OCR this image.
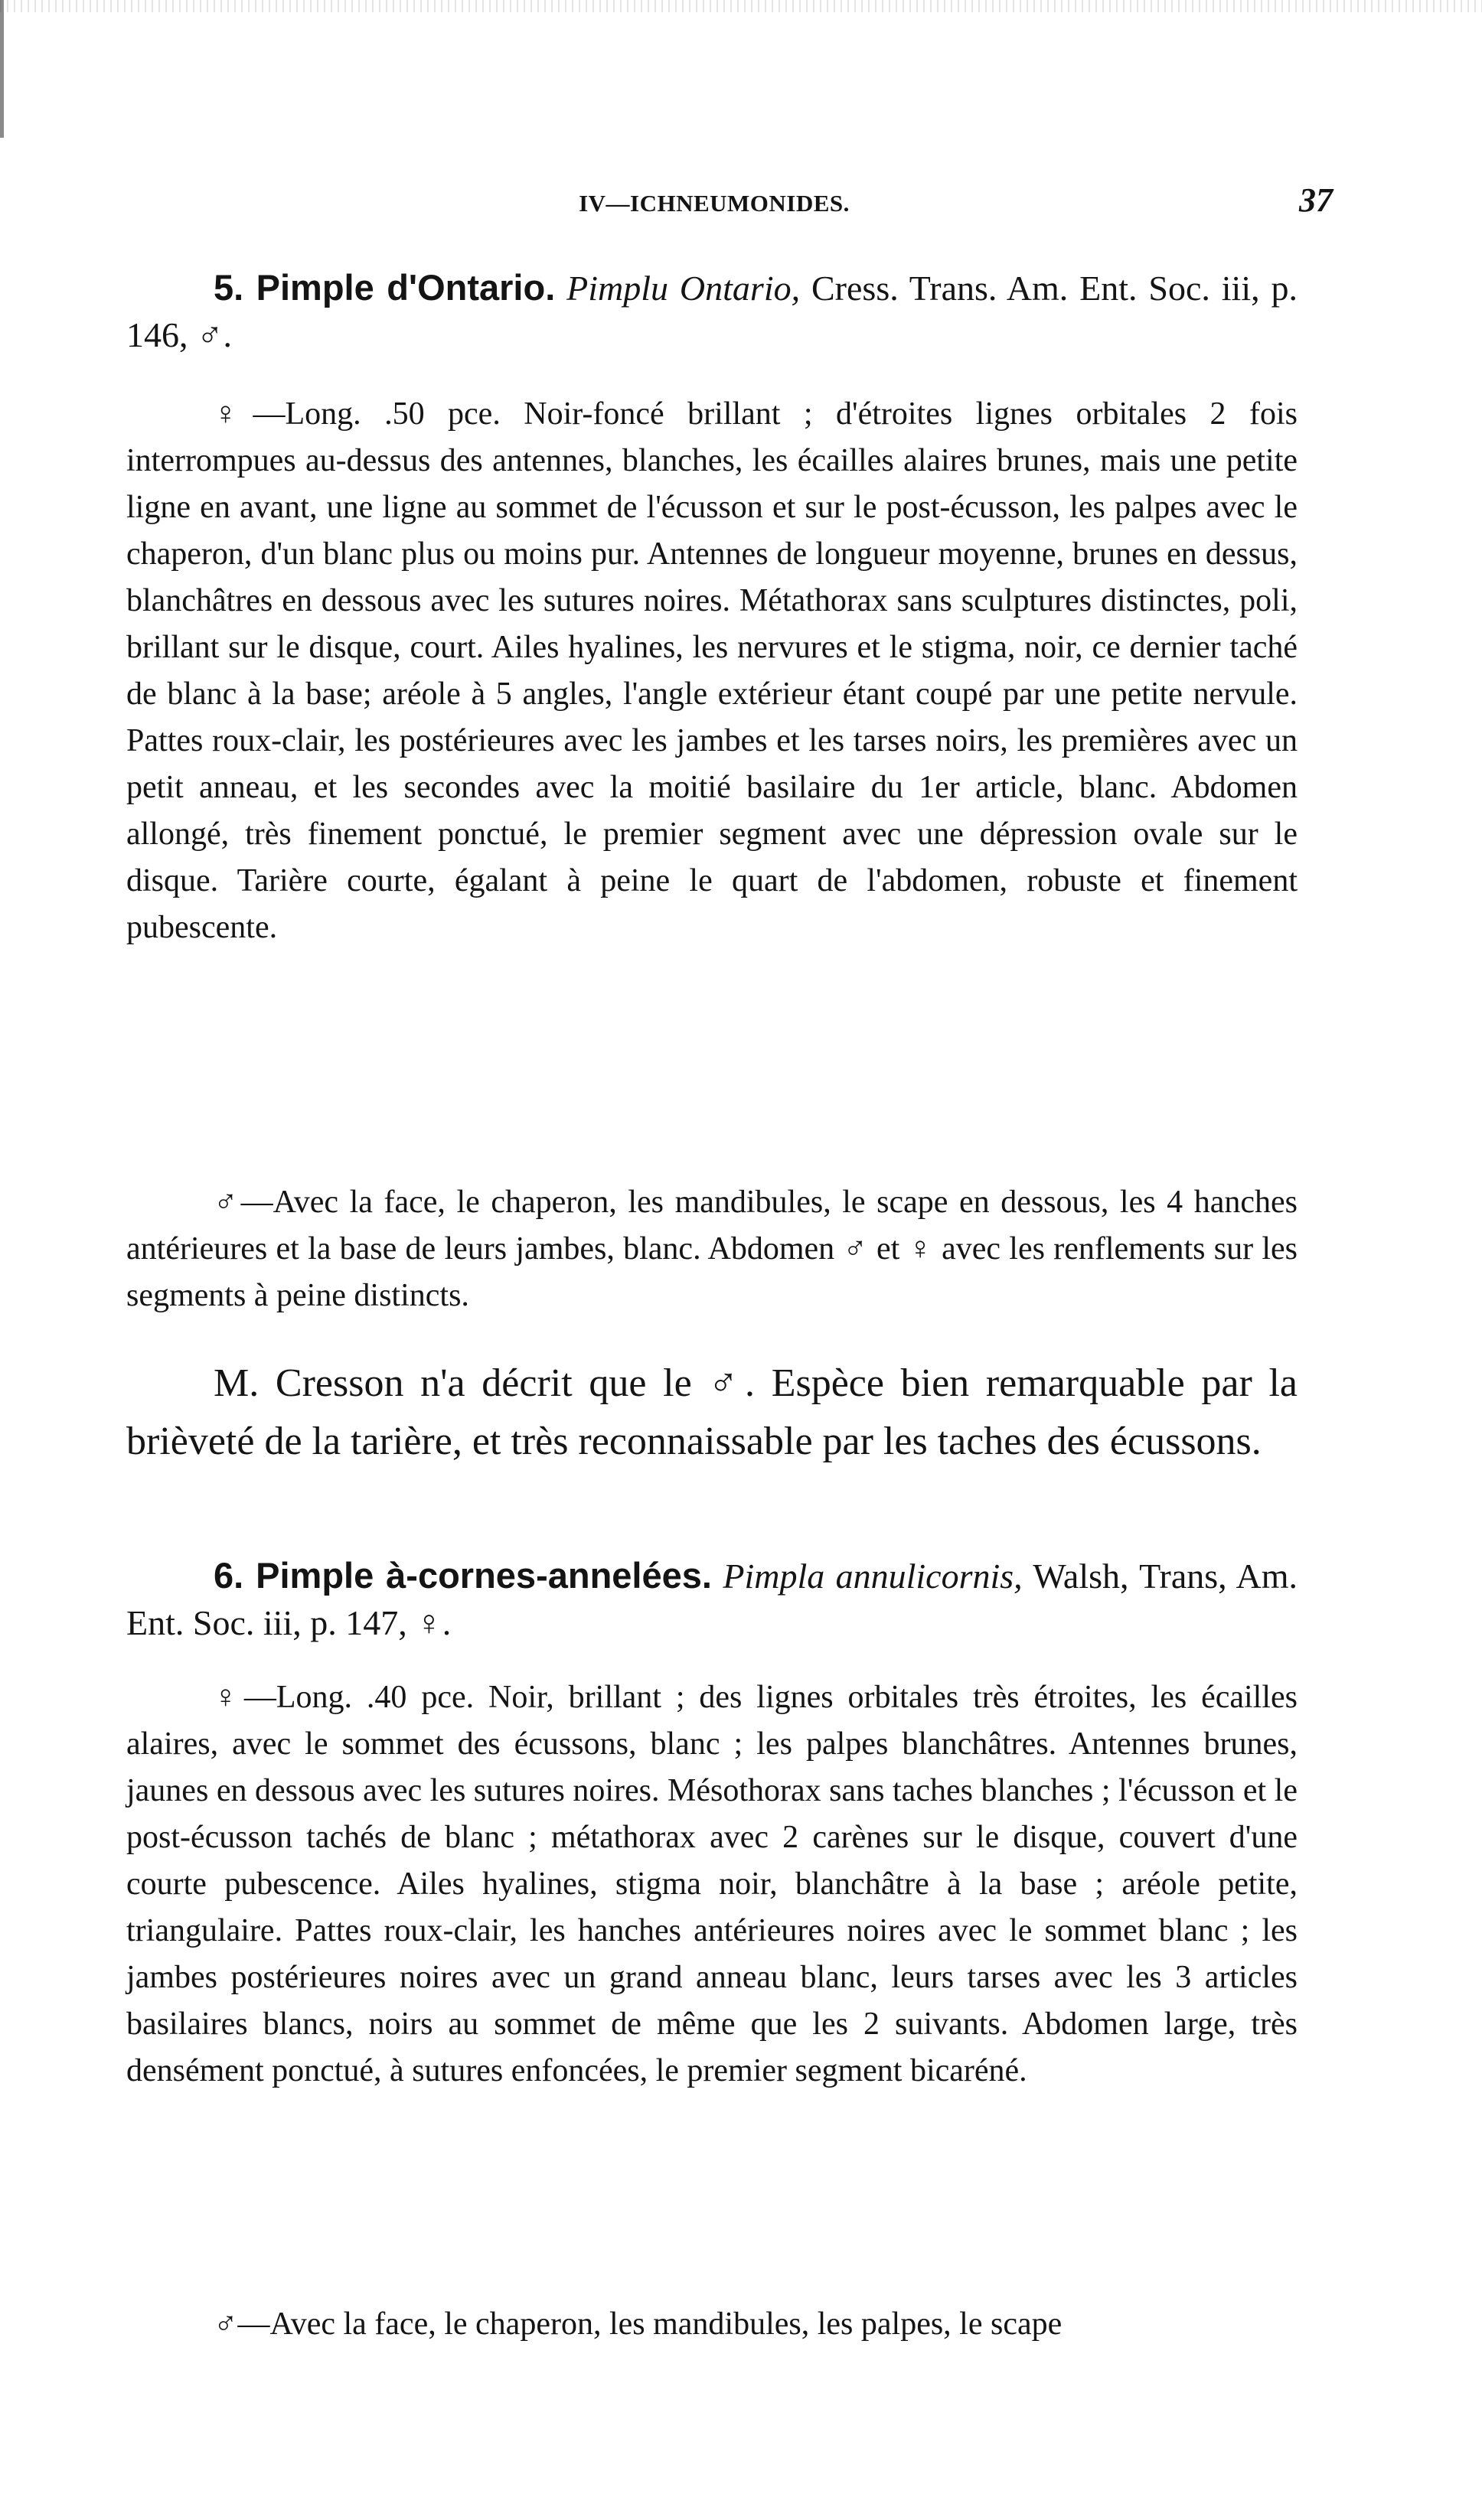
IV—ICHNEUMONIDES.	37

5. Pimple d'Ontario. Pimplu Ontario, Cress. Trans. Am. Ent. Soc. iii, p. 146, ♂.

♀—Long. .50 pce. Noir-foncé brillant ; d'étroites lignes orbitales 2 fois interrompues au-dessus des antennes, blanches, les écailles alaires brunes, mais une petite ligne en avant, une ligne au sommet de l'écusson et sur le post-écusson, les palpes avec le chaperon, d'un blanc plus ou moins pur. Antennes de longueur moyenne, brunes en dessus, blanchâtres en dessous avec les sutures noires. Métathorax sans sculptures distinctes, poli, brillant sur le disque, court. Ailes hyalines, les nervures et le stigma, noir, ce dernier taché de blanc à la base; aréole à 5 angles, l'angle extérieur étant coupé par une petite nervule. Pattes roux-clair, les postérieures avec les jambes et les tarses noirs, les premières avec un petit anneau, et les secondes avec la moitié basilaire du 1er article, blanc. Abdomen allongé, très finement ponctué, le premier segment avec une dépression ovale sur le disque. Tarière courte, égalant à peine le quart de l'abdomen, robuste et finement pubescente.

♂—Avec la face, le chaperon, les mandibules, le scape en dessous, les 4 hanches antérieures et la base de leurs jambes, blanc. Abdomen ♂ et ♀ avec les renflements sur les segments à peine distincts.

M. Cresson n'a décrit que le ♂. Espèce bien remarquable par la brièveté de la tarière, et très reconnaissable par les taches des écussons.

6. Pimple à-cornes-annelées. Pimpla annulicornis, Walsh, Trans, Am. Ent. Soc. iii, p. 147, ♀.

♀—Long. .40 pce. Noir, brillant ; des lignes orbitales très étroites, les écailles alaires, avec le sommet des écussons, blanc ; les palpes blanchâtres. Antennes brunes, jaunes en dessous avec les sutures noires. Mésothorax sans taches blanches ; l'écusson et le post-écusson tachés de blanc ; métathorax avec 2 carènes sur le disque, couvert d'une courte pubescence. Ailes hyalines, stigma noir, blanchâtre à la base ; aréole petite, triangulaire. Pattes roux-clair, les hanches antérieures noires avec le sommet blanc ; les jambes postérieures noires avec un grand anneau blanc, leurs tarses avec les 3 articles basilaires blancs, noirs au sommet de même que les 2 suivants. Abdomen large, très densément ponctué, à sutures enfoncées, le premier segment bicaréné.

♂—Avec la face, le chaperon, les mandibules, les palpes, le scape
